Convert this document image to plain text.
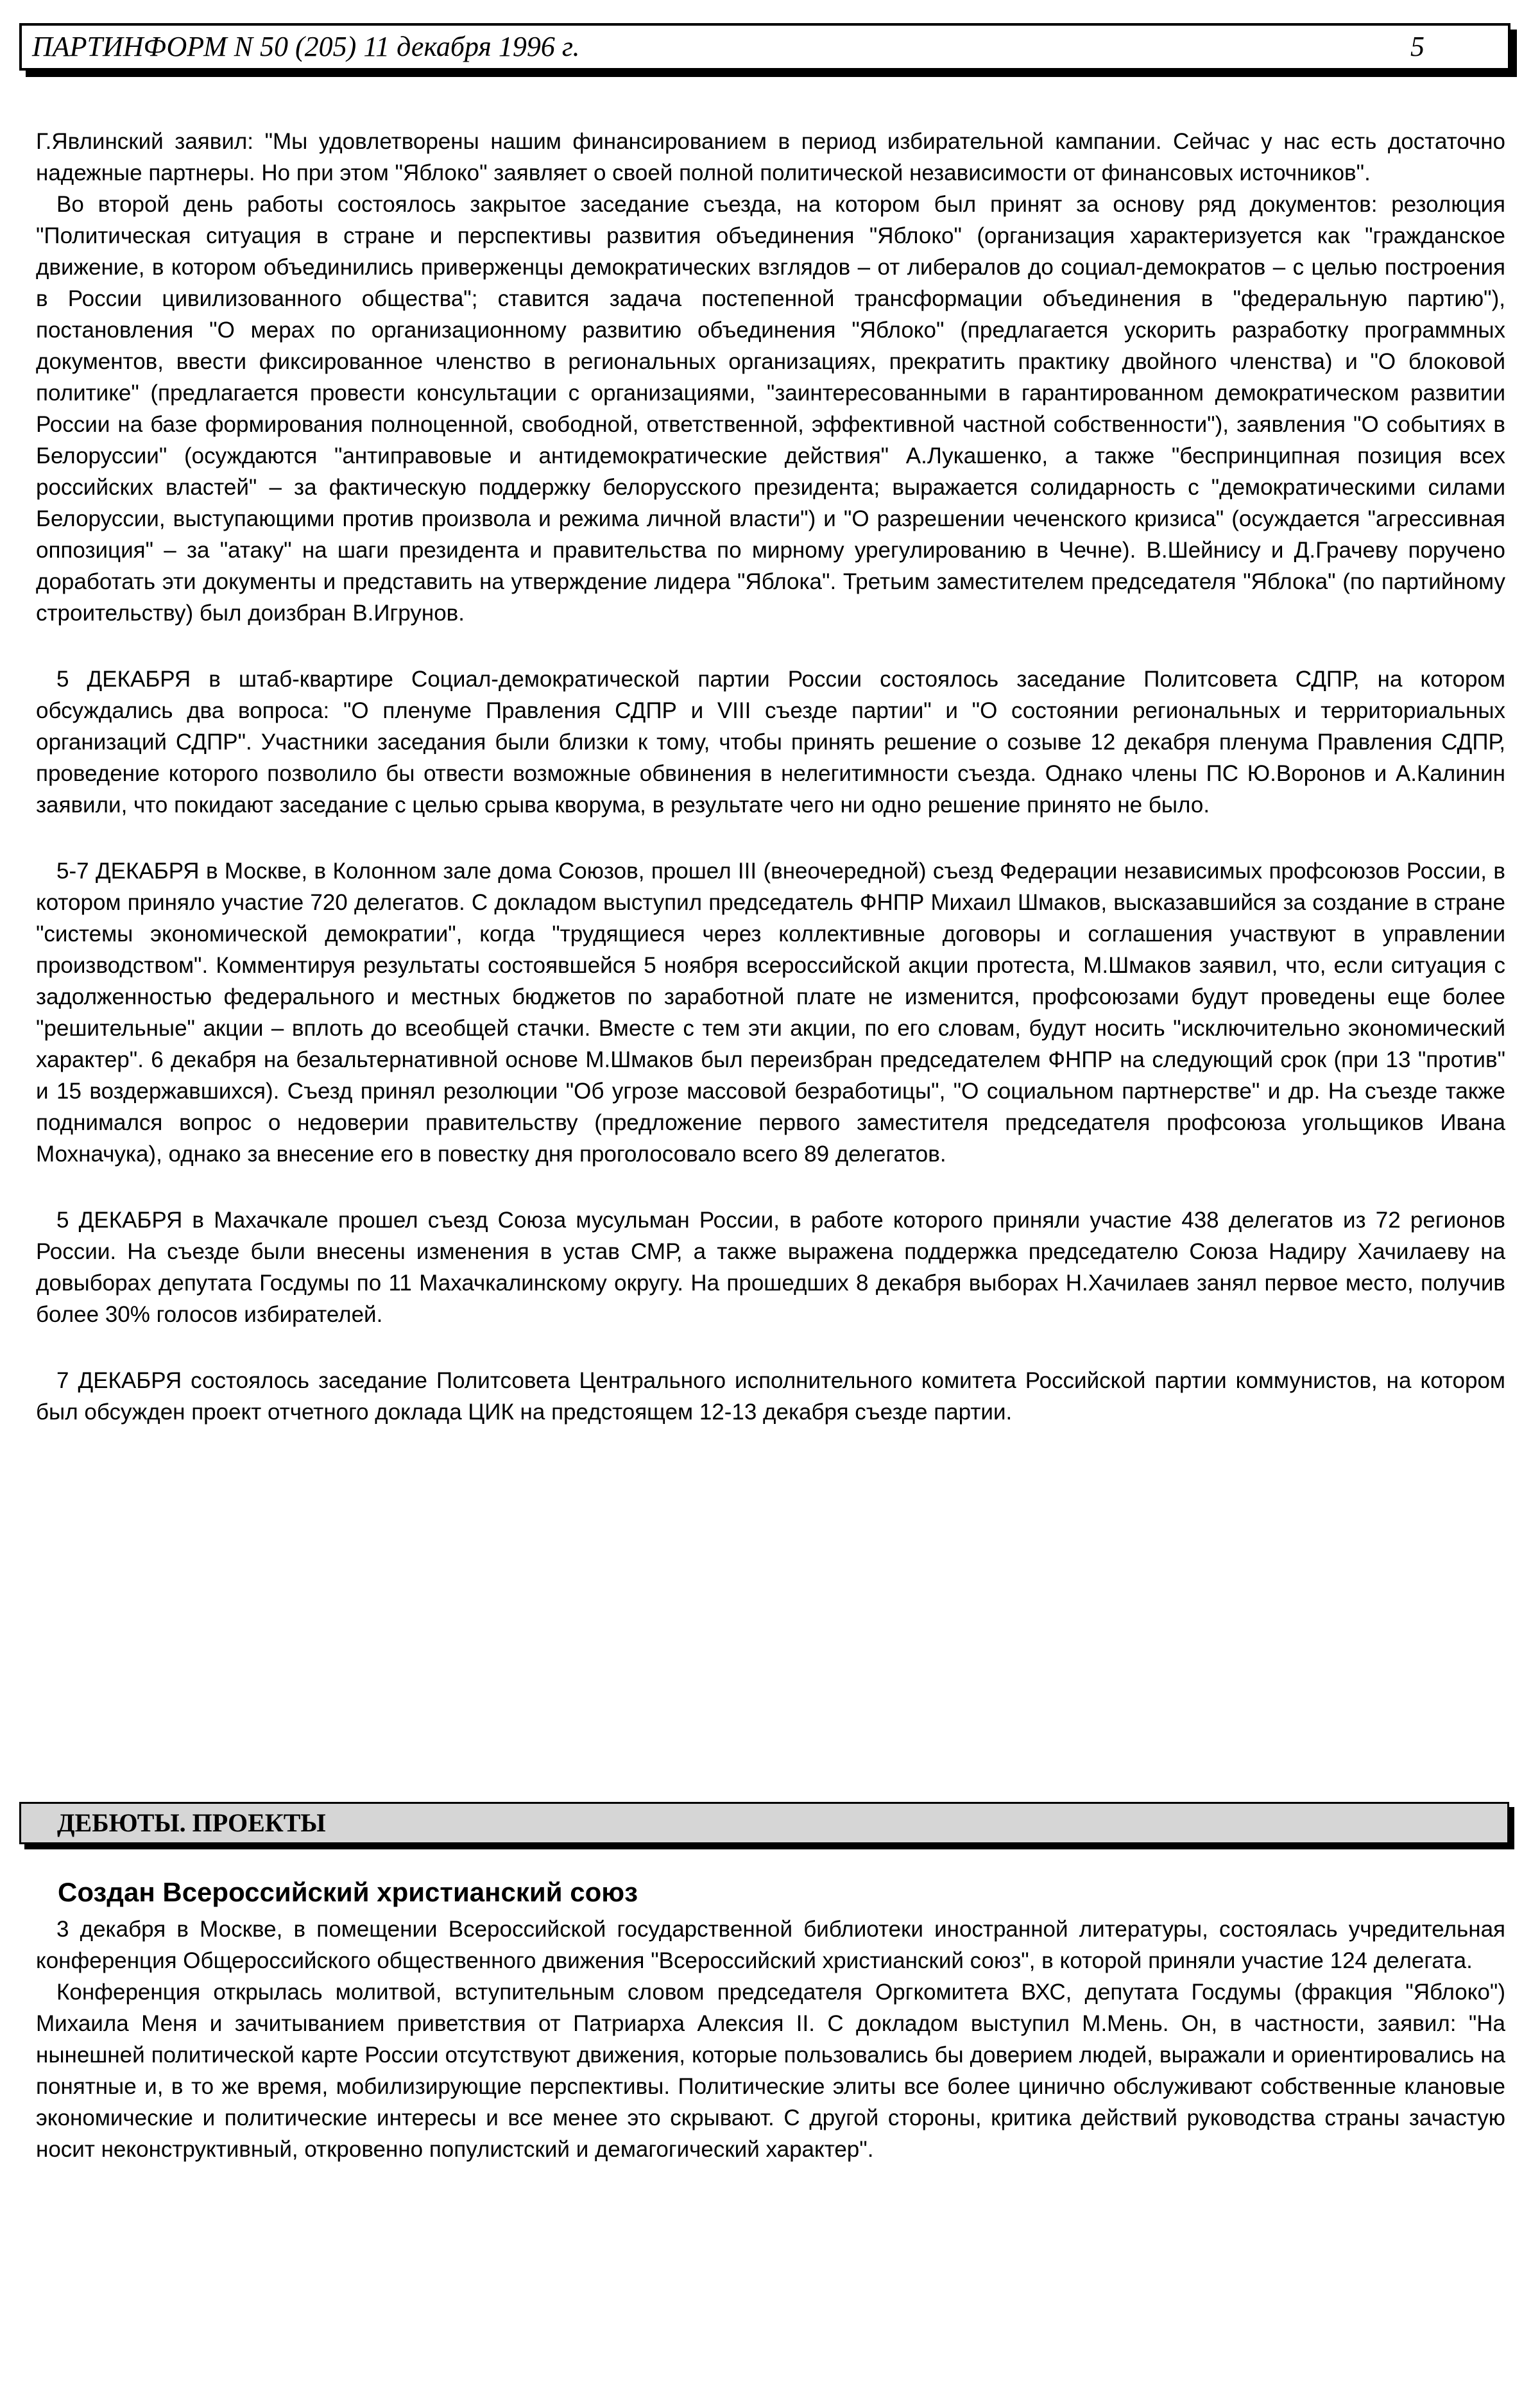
ПАРТИНФОРМ N 50 (205) 11 декабря 1996 г.	5

Г.Явлинский заявил: "Мы удовлетворены нашим финансированием в период избирательной кампании. Сейчас у нас есть достаточно надежные партнеры. Но при этом "Яблоко" заявляет о своей полной политической независимости от финансовых источников".

Во второй день работы состоялось закрытое заседание съезда, на котором был принят за основу ряд документов: резолюция "Политическая ситуация в стране и перспективы развития объединения "Яблоко" (организация характеризуется как "гражданское движение, в котором объединились приверженцы демократических взглядов – от либералов до социал-демократов – с целью построения в России цивилизованного общества"; ставится задача постепенной трансформации объединения в "федеральную партию"), постановления "О мерах по организационному развитию объединения "Яблоко" (предлагается ускорить разработку программных документов, ввести фиксированное членство в региональных организациях, прекратить практику двойного членства) и "О блоковой политике" (предлагается провести консультации с организациями, "заинтересованными в гарантированном демократическом развитии России на базе формирования полноценной, свободной, ответственной, эффективной частной собственности"), заявления "О событиях в Белоруссии" (осуждаются "антиправовые и антидемократические действия" А.Лукашенко, а также "беспринципная позиция всех российских властей" – за фактическую поддержку белорусского президента; выражается солидарность с "демократическими силами Белоруссии, выступающими против произвола и режима личной власти") и "О разрешении чеченского кризиса" (осуждается "агрессивная оппозиция" – за "атаку" на шаги президента и правительства по мирному урегулированию в Чечне). В.Шейнису и Д.Грачеву поручено доработать эти документы и представить на утверждение лидера "Яблока". Третьим заместителем председателя "Яблока" (по партийному строительству) был доизбран В.Игрунов.

5 ДЕКАБРЯ в штаб-квартире Социал-демократической партии России состоялось заседание Политсовета СДПР, на котором обсуждались два вопроса: "О пленуме Правления СДПР и VIII съезде партии" и "О состоянии региональных и территориальных организаций СДПР". Участники заседания были близки к тому, чтобы принять решение о созыве 12 декабря пленума Правления СДПР, проведение которого позволило бы отвести возможные обвинения в нелегитимности съезда. Однако члены ПС Ю.Воронов и А.Калинин заявили, что покидают заседание с целью срыва кворума, в результате чего ни одно решение принято не было.

5-7 ДЕКАБРЯ в Москве, в Колонном зале дома Союзов, прошел III (внеочередной) съезд Федерации независимых профсоюзов России, в котором приняло участие 720 делегатов. С докладом выступил председатель ФНПР Михаил Шмаков, высказавшийся за создание в стране "системы экономической демократии", когда "трудящиеся через коллективные договоры и соглашения участвуют в управлении производством". Комментируя результаты состоявшейся 5 ноября всероссийской акции протеста, М.Шмаков заявил, что, если ситуация с задолженностью федерального и местных бюджетов по заработной плате не изменится, профсоюзами будут проведены еще более "решительные" акции – вплоть до всеобщей стачки. Вместе с тем эти акции, по его словам, будут носить "исключительно экономический характер". 6 декабря на безальтернативной основе М.Шмаков был переизбран председателем ФНПР на следующий срок (при 13 "против" и 15 воздержавшихся). Съезд принял резолюции "Об угрозе массовой безработицы", "О социальном партнерстве" и др. На съезде также поднимался вопрос о недоверии правительству (предложение первого заместителя председателя профсоюза угольщиков Ивана Мохначука), однако за внесение его в повестку дня проголосовало всего 89 делегатов.

5 ДЕКАБРЯ в Махачкале прошел съезд Союза мусульман России, в работе которого приняли участие 438 делегатов из 72 регионов России. На съезде были внесены изменения в устав СМР, а также выражена поддержка председателю Союза Надиру Хачилаеву на довыборах депутата Госдумы по 11 Махачкалинскому округу. На прошедших 8 декабря выборах Н.Хачилаев занял первое место, получив более 30% голосов избирателей.

7 ДЕКАБРЯ состоялось заседание Политсовета Центрального исполнительного комитета Российской партии коммунистов, на котором был обсужден проект отчетного доклада ЦИК на предстоящем 12-13 декабря съезде партии.

ДЕБЮТЫ. ПРОЕКТЫ
Создан Всероссийский христианский союз

3 декабря в Москве, в помещении Всероссийской государственной библиотеки иностранной литературы, состоялась учредительная конференция Общероссийского общественного движения "Всероссийский христианский союз", в которой приняли участие 124 делегата.

Конференция открылась молитвой, вступительным словом председателя Оргкомитета ВХС, депутата Госдумы (фракция "Яблоко") Михаила Меня и зачитыванием приветствия от Патриарха Алексия II. С докладом выступил М.Мень. Он, в частности, заявил: "На нынешней политической карте России отсутствуют движения, которые пользовались бы доверием людей, выражали и ориентировались на понятные и, в то же время, мобилизирующие перспективы. Политические элиты все более цинично обслуживают собственные клановые экономические и политические интересы и все менее это скрывают. С другой стороны, критика действий руководства страны зачастую носит неконструктивный, откровенно популистский и демагогический характер".
